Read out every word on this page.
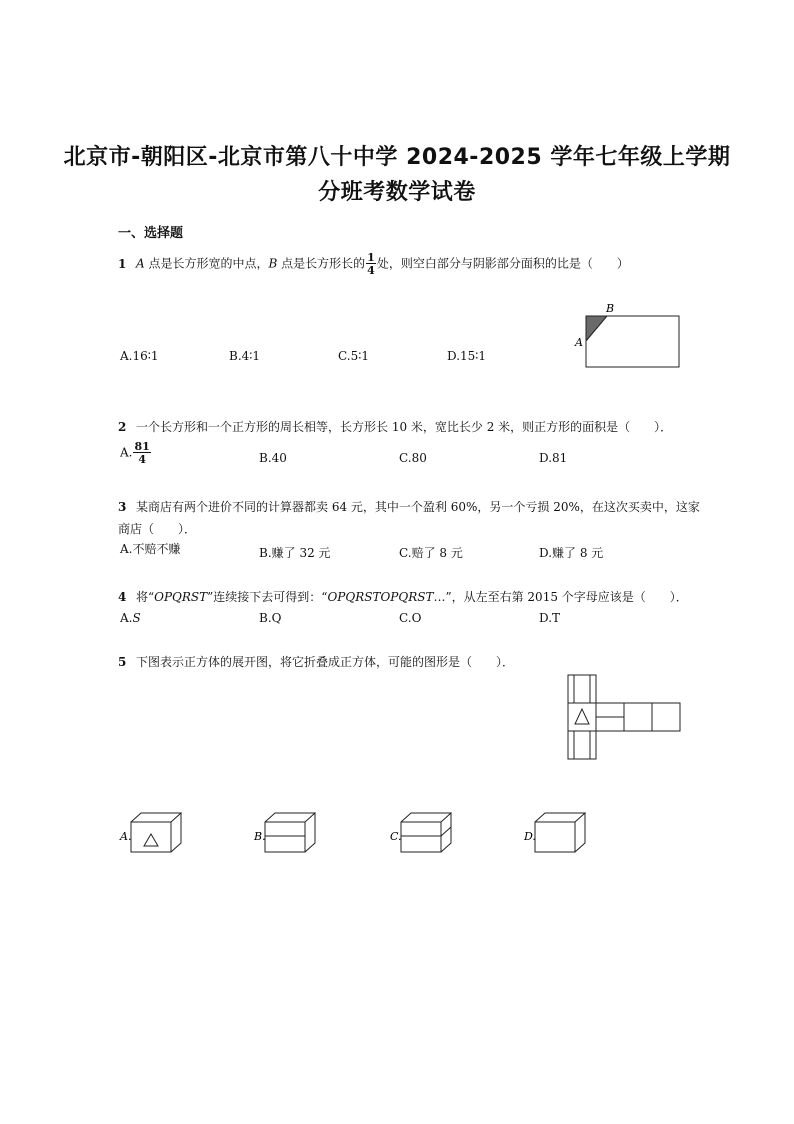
北京市-朝阳区-北京市第八十中学 2024-2025 学年七年级上学期
分班考数学试卷
一、选择题
1 A 点是长方形宽的中点，B 点是长方形长的 $\frac{1}{4}$ 处，则空白部分与阴影部分面积的比是（　　）
A.16∶1	B.4∶1	C.5∶1	D.15∶1
B
A
2 一个长方形和一个正方形的周长相等，长方形长 10 米，宽比长少 2 米，则正方形的面积是（　　）．
A. $\frac{81}{4}$	B.40	C.80	D.81
3 某商店有两个进价不同的计算器都卖 64 元，其中一个盈利 60%，另一个亏损 20%，在这次买卖中，这家
商店（　　）．
A.不赔不赚	B.赚了 32 元	C.赔了 8 元	D.赚了 8 元
4 将“OPQRST”连续接下去可得到：“OPQRSTOPQRST…”，从左至右第 2015 个字母应该是（　　）．
A.S	B.Q	C.O	D.T
5 下图表示正方体的展开图，将它折叠成正方体，可能的图形是（　　）．
A.	B.	C.	D.
